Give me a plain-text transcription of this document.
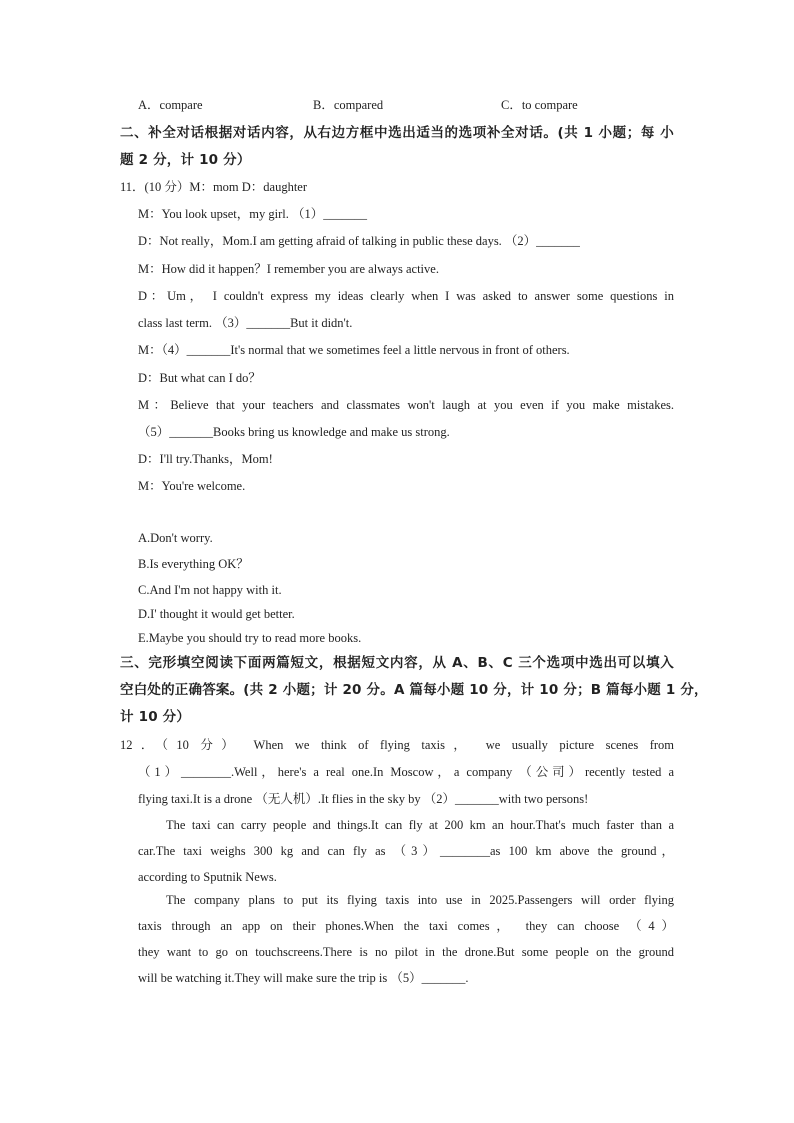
A．compare	B．compared	C．to compare
二、补全对话根据对话内容，从右边方框中选出适当的选项补全对话。(共 1 小题；每 小
题 2 分，计 10 分）
11．(10 分）M：mom D：daughter
M：You look upset，my girl. （1）_______
D：Not really，Mom.I am getting afraid of talking in public these days. （2）_______
M：How did it happen？I remember you are always active.
D：Um， I couldn't express my ideas clearly when I was asked to answer some questions in
class last term. （3）_______But it didn't.
M：（4）_______It's normal that we sometimes feel a little nervous in front of others.
D：But what can I do？
M：Believe that your teachers and classmates won't laugh at you even if you make mistakes.
（5）_______Books bring us knowledge and make us strong.
D：I'll try.Thanks，Mom!
M：You're welcome.
A.Don't worry.
B.Is everything OK？
C.And I'm not happy with it.
D.I' thought it would get better.
E.Maybe you should try to read more books.
三、完形填空阅读下面两篇短文，根据短文内容，从 A、B、C 三个选项中选出可以填入
空白处的正确答案。(共 2 小题；计 20 分。A 篇每小题 10 分，计 10 分；B 篇每小题 1 分，
计 10 分）
12．（10 分） When we think of flying taxis， we usually picture scenes from
（1）________.Well，here's a real one.In Moscow，a company （公司）recently tested a
flying taxi.It is a drone （无人机）.It flies in the sky by （2）_______with two persons!
The taxi can carry people and things.It can fly at 200 km an hour.That's much faster than a
car.The taxi weighs 300 kg and can fly as （3）________as 100 km above the ground，
according to Sputnik News.
The company plans to put its flying taxis into use in 2025.Passengers will order flying
taxis through an app on their phones.When the taxi comes， they can choose （4）
they want to go on touchscreens.There is no pilot in the drone.But some people on the ground
will be watching it.They will make sure the trip is （5）_______.
